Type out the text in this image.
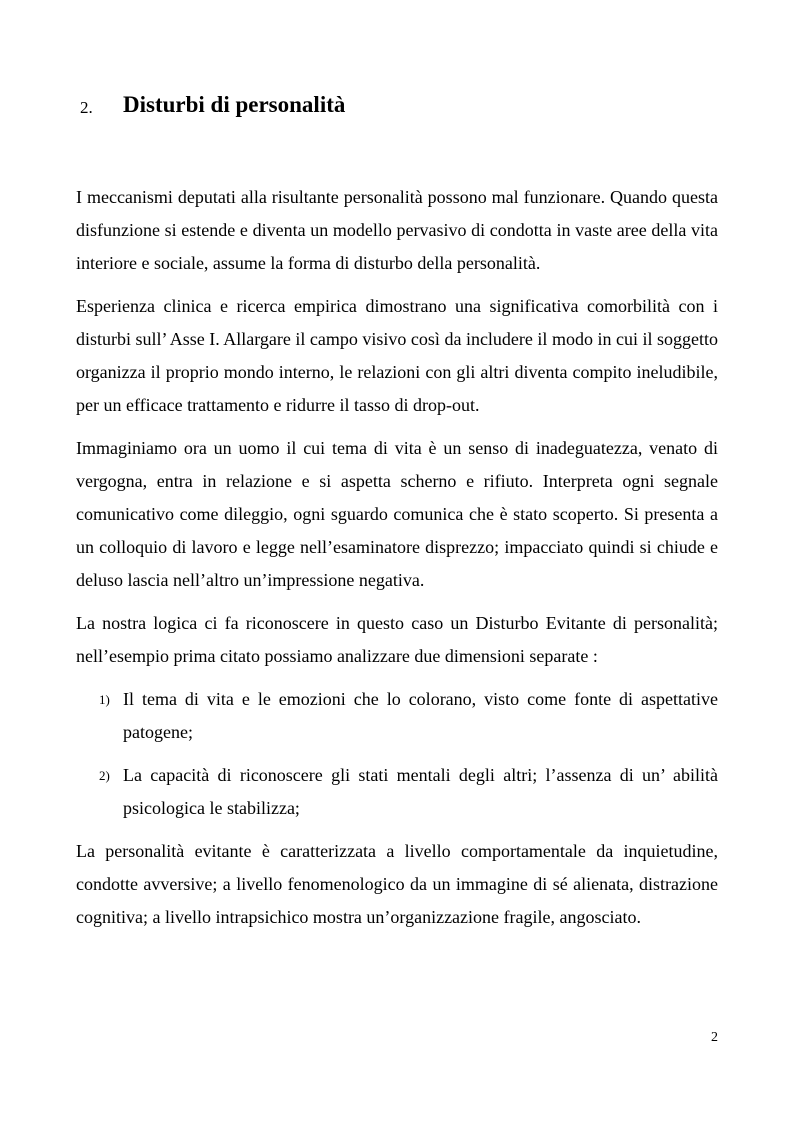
2. Disturbi di personalità

I meccanismi deputati alla risultante personalità possono mal funzionare. Quando questa disfunzione si estende e diventa un modello pervasivo di condotta in vaste aree della vita interiore e sociale, assume la forma di disturbo della personalità.

Esperienza clinica e ricerca empirica dimostrano una significativa comorbilità con i disturbi sull’ Asse I. Allargare il campo visivo così da includere il modo in cui il soggetto organizza il proprio mondo interno, le relazioni con gli altri diventa compito ineludibile, per un efficace trattamento e ridurre il tasso di drop-out.

Immaginiamo ora un uomo il cui tema di vita è un senso di inadeguatezza, venato di vergogna, entra in relazione e si aspetta scherno e rifiuto. Interpreta ogni segnale comunicativo come dileggio, ogni sguardo comunica che è stato scoperto. Si presenta a un colloquio di lavoro e legge nell’esaminatore disprezzo; impacciato quindi si chiude e deluso lascia nell’altro un’impressione negativa.

La nostra logica ci fa riconoscere in questo caso un Disturbo Evitante di personalità; nell’esempio prima citato possiamo analizzare due dimensioni separate :

1) Il tema di vita e le emozioni che lo colorano, visto come fonte di aspettative patogene;
2) La capacità di riconoscere gli stati mentali degli altri; l’assenza di un’ abilità psicologica le stabilizza;

La personalità evitante è caratterizzata a livello comportamentale da inquietudine, condotte avversive; a livello fenomenologico da un immagine di sé alienata, distrazione cognitiva; a livello intrapsichico mostra un’organizzazione fragile, angosciato.

2
